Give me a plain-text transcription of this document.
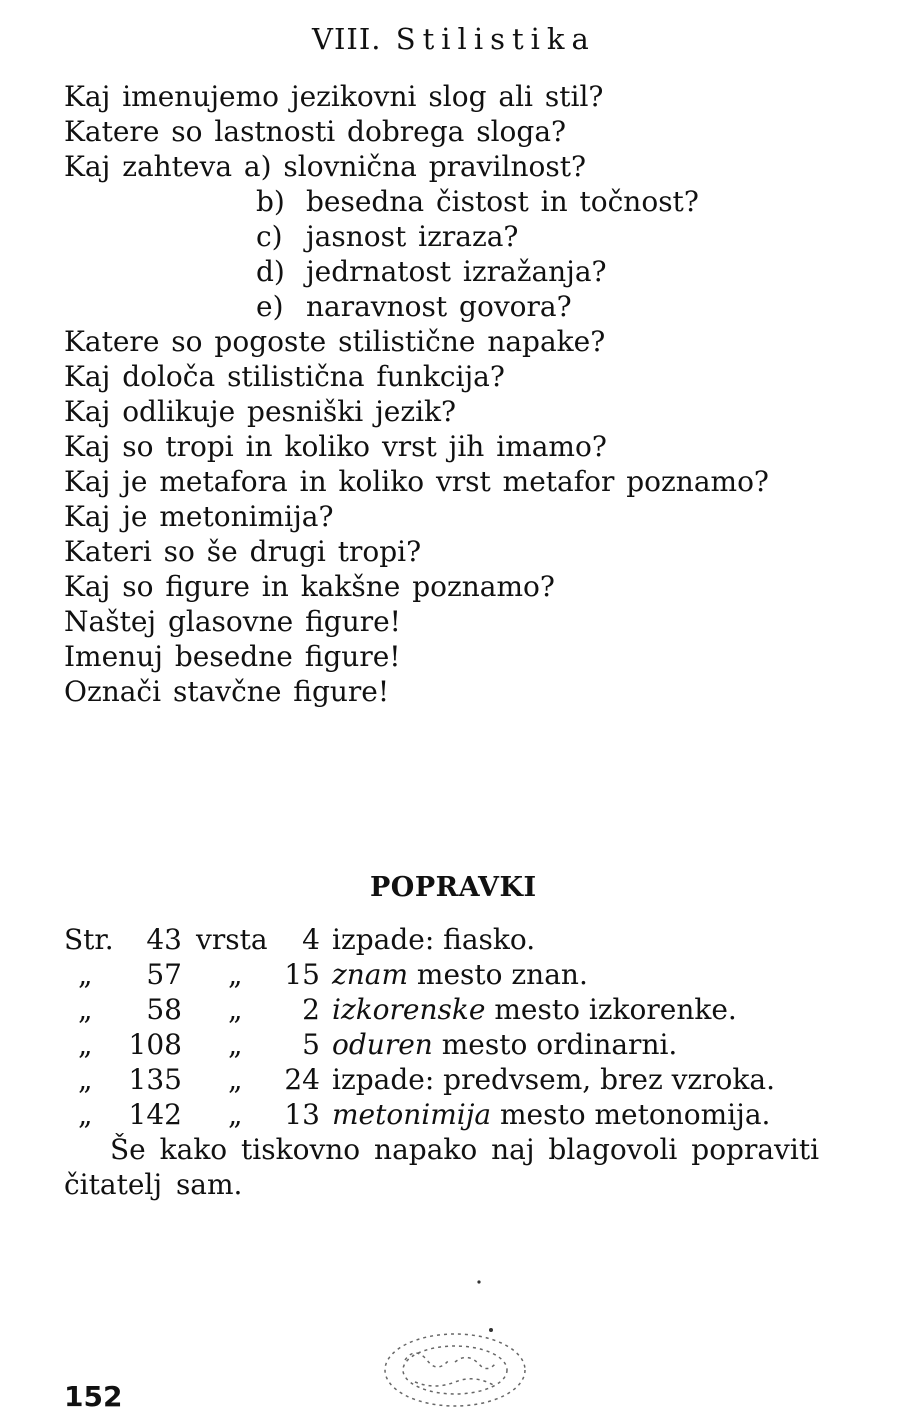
VIII. Stilistika
Kaj imenujemo jezikovni slog ali stil?
Katere so lastnosti dobrega sloga?
Kaj zahteva a) slovnična pravilnost?
b) besedna čistost in točnost?
c) jasnost izraza?
d) jedrnatost izražanja?
e) naravnost govora?
Katere so pogoste stilistične napake?
Kaj določa stilistična funkcija?
Kaj odlikuje pesniški jezik?
Kaj so tropi in koliko vrst jih imamo?
Kaj je metafora in koliko vrst metafor poznamo?
Kaj je metonimija?
Kateri so še drugi tropi?
Kaj so figure in kakšne poznamo?
Naštej glasovne figure!
Imenuj besedne figure!
Označi stavčne figure!
POPRAVKI
Str.	43 vrsta	4 izpade: fiasko.
„	57 „	15 znam mesto znan.
„	58 „	2 izkorenske mesto izkorenke.
„	108 „	5 oduren mesto ordinarni.
„	135 „	24 izpade: predvsem, brez vzroka.
„	142 „	13 metonimija mesto metonomija.
Še kako tiskovno napako naj blagovoli popraviti
čitatelj sam.
152
